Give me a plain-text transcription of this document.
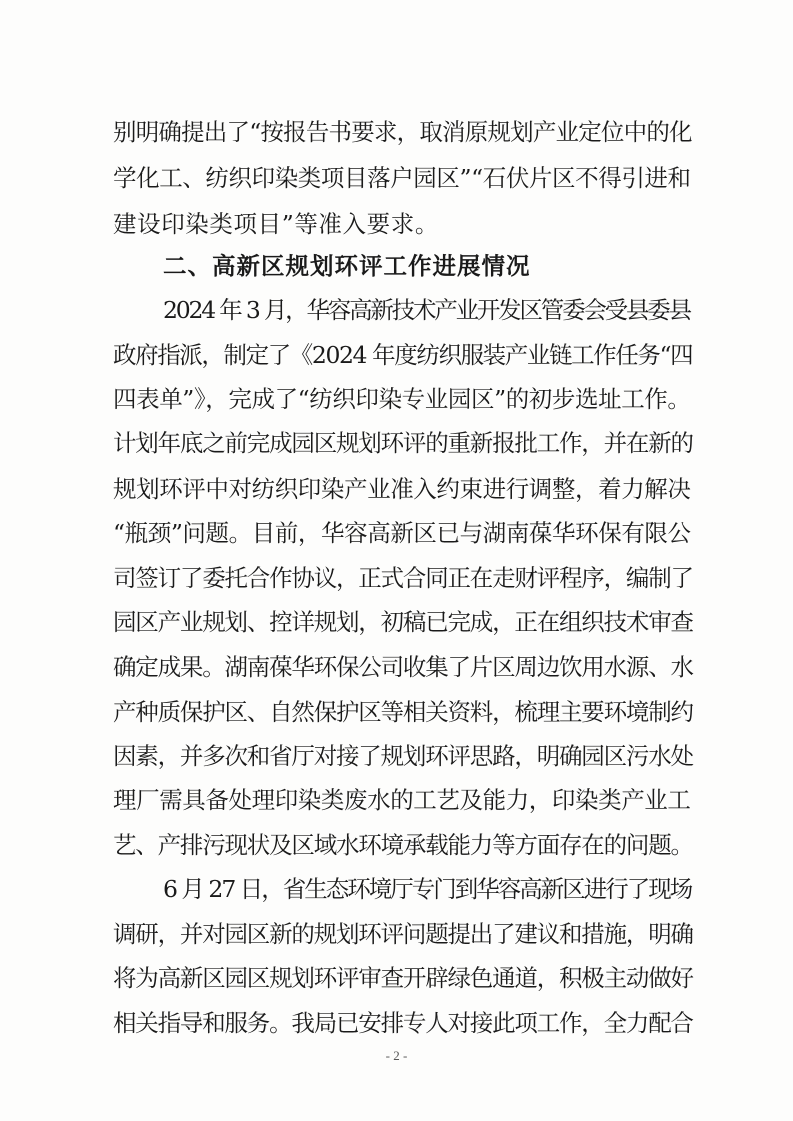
别明确提出了“按报告书要求，取消原规划产业定位中的化
学化工、纺织印染类项目落户园区”“石伏片区不得引进和
建设印染类项目”等准入要求。
二、高新区规划环评工作进展情况
2024 年 3 月，华容高新技术产业开发区管委会受县委县
政府指派，制定了《2024 年度纺织服装产业链工作任务“四
四表单”》，完成了“纺织印染专业园区”的初步选址工作。
计划年底之前完成园区规划环评的重新报批工作，并在新的
规划环评中对纺织印染产业准入约束进行调整，着力解决
“瓶颈”问题。目前，华容高新区已与湖南葆华环保有限公
司签订了委托合作协议，正式合同正在走财评程序，编制了
园区产业规划、控详规划，初稿已完成，正在组织技术审查
确定成果。湖南葆华环保公司收集了片区周边饮用水源、水
产种质保护区、自然保护区等相关资料，梳理主要环境制约
因素，并多次和省厅对接了规划环评思路，明确园区污水处
理厂需具备处理印染类废水的工艺及能力，印染类产业工
艺、产排污现状及区域水环境承载能力等方面存在的问题。
6 月 27 日，省生态环境厅专门到华容高新区进行了现场
调研，并对园区新的规划环评问题提出了建议和措施，明确
将为高新区园区规划环评审查开辟绿色通道，积极主动做好
相关指导和服务。我局已安排专人对接此项工作，全力配合
- 2 -
